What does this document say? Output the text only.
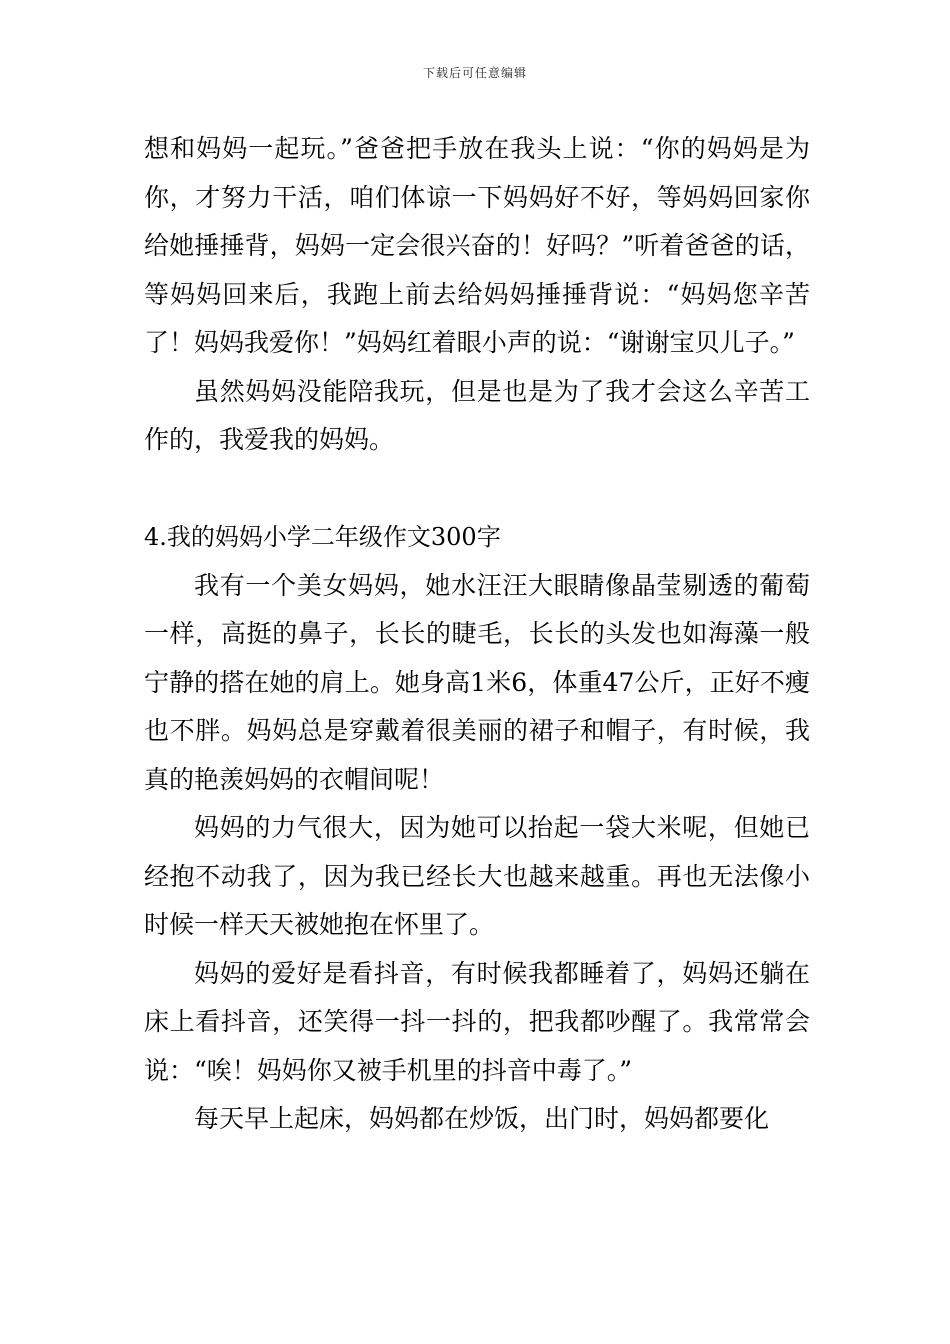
下载后可任意编辑

想和妈妈一起玩。”爸爸把手放在我头上说：“你的妈妈是为你，才努力干活，咱们体谅一下妈妈好不好，等妈妈回家你给她捶捶背，妈妈一定会很兴奋的！好吗？”听着爸爸的话，等妈妈回来后，我跑上前去给妈妈捶捶背说：“妈妈您辛苦了！妈妈我爱你！”妈妈红着眼小声的说：“谢谢宝贝儿子。”

虽然妈妈没能陪我玩，但是也是为了我才会这么辛苦工作的，我爱我的妈妈。

4.我的妈妈小学二年级作文300字

我有一个美女妈妈，她水汪汪大眼睛像晶莹剔透的葡萄一样，高挺的鼻子，长长的睫毛，长长的头发也如海藻一般宁静的搭在她的肩上。她身高1米6，体重47公斤，正好不瘦也不胖。妈妈总是穿戴着很美丽的裙子和帽子，有时候，我真的艳羡妈妈的衣帽间呢！

妈妈的力气很大，因为她可以抬起一袋大米呢，但她已经抱不动我了，因为我已经长大也越来越重。再也无法像小时候一样天天被她抱在怀里了。

妈妈的爱好是看抖音，有时候我都睡着了，妈妈还躺在床上看抖音，还笑得一抖一抖的，把我都吵醒了。我常常会说：“唉！妈妈你又被手机里的抖音中毒了。”

每天早上起床，妈妈都在炒饭，出门时，妈妈都要化
